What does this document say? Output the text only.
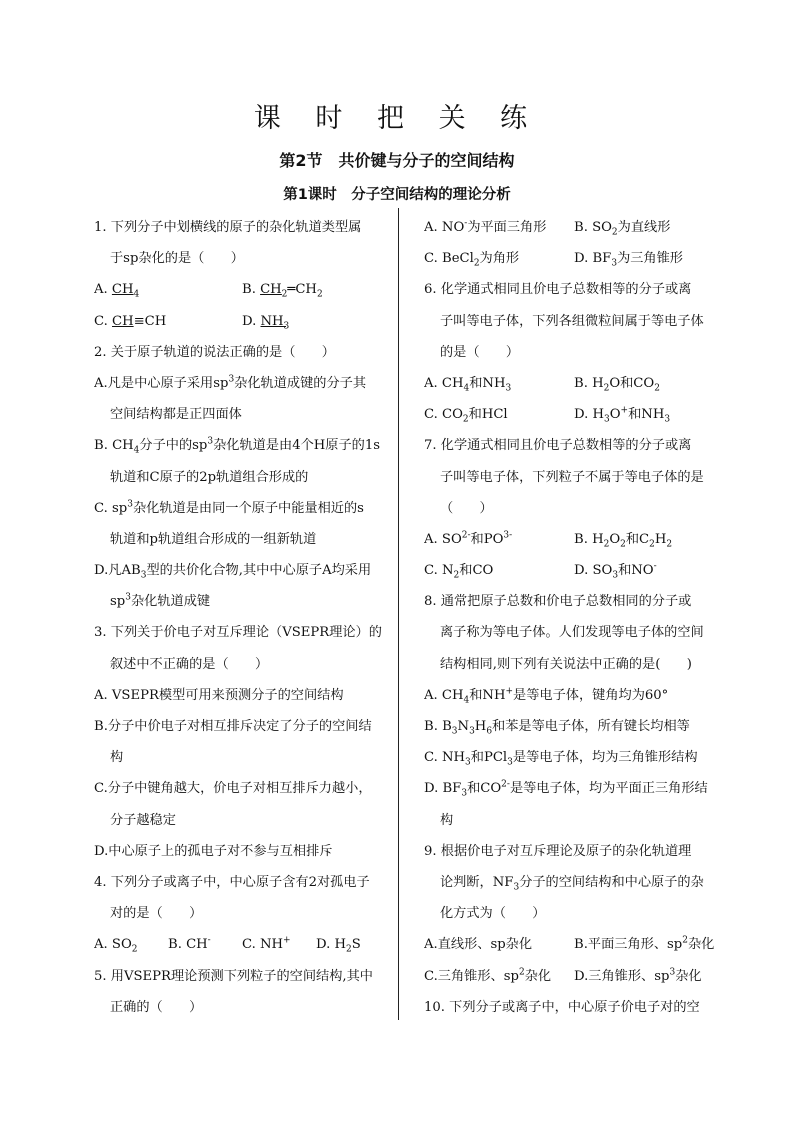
课 时 把 关 练
第2节　共价键与分子的空间结构
第1课时　分子空间结构的理论分析
1. 下列分子中划横线的原子的杂化轨道类型属
于sp杂化的是（　　）
A. $CH_4$	B. $CH_2═CH_2$
C. CH≡CH	D. $NH_3$
2. 关于原子轨道的说法正确的是（　　）
A.凡是中心原子采用$sp^3$杂化轨道成键的分子其
空间结构都是正四面体
B. $CH_4$分子中的$sp^3$杂化轨道是由4个H原子的1s
轨道和C原子的2p轨道组合形成的
C. $sp^3$杂化轨道是由同一个原子中能量相近的s
轨道和p轨道组合形成的一组新轨道
D.凡$AB_3$型的共价化合物,其中中心原子A均采用
$sp^3$杂化轨道成键
3. 下列关于价电子对互斥理论（VSEPR理论）的
叙述中不正确的是（　　）
A. VSEPR模型可用来预测分子的空间结构
B.分子中价电子对相互排斥决定了分子的空间结
构
C.分子中键角越大，价电子对相互排斥力越小，
分子越稳定
D.中心原子上的孤电子对不参与互相排斥
4. 下列分子或离子中，中心原子含有2对孤电子
对的是（　　）
A. $SO_2$	B. CH-	C. NH+	D. $H_2S$
5. 用VSEPR理论预测下列粒子的空间结构,其中
正确的（　　）
A. NO-为平面三角形	B. $SO_2$为直线形
C. BeCl$_2$为角形	D. $BF_3$为三角锥形
6. 化学通式相同且价电子总数相等的分子或离
子叫等电子体，下列各组微粒间属于等电子体
的是（　　）
A. $CH_4$和$NH_3$	B. $H_2O$和$CO_2$
C. $CO_2$和HCl	D. $H_3O^+$和$NH_3$
7. 化学通式相同且价电子总数相等的分子或离
子叫等电子体，下列粒子不属于等电子体的是
（　　）
A. $SO^{2-}$和$PO^{3-}$	B. $H_2O_2$和$C_2H_2$
C. $N_2$和CO	D. $SO_3$和NO-
8. 通常把原子总数和价电子总数相同的分子或
离子称为等电子体。人们发现等电子体的空间
结构相同,则下列有关说法中正确的是(　　)
A. $CH_4$和NH+是等电子体，键角均为60°
B. $B_3N_3H_6$和苯是等电子体，所有键长均相等
C. $NH_3$和PCl$_3$是等电子体，均为三角锥形结构
D. $BF_3$和$CO^{2-}$是等电子体，均为平面正三角形结
构
9. 根据价电子对互斥理论及原子的杂化轨道理
论判断，$NF_3$分子的空间结构和中心原子的杂
化方式为（　　）
A.直线形、sp杂化	B.平面三角形、$sp^2$杂化
C.三角锥形、$sp^2$杂化	D.三角锥形、$sp^3$杂化
10. 下列分子或离子中，中心原子价电子对的空
